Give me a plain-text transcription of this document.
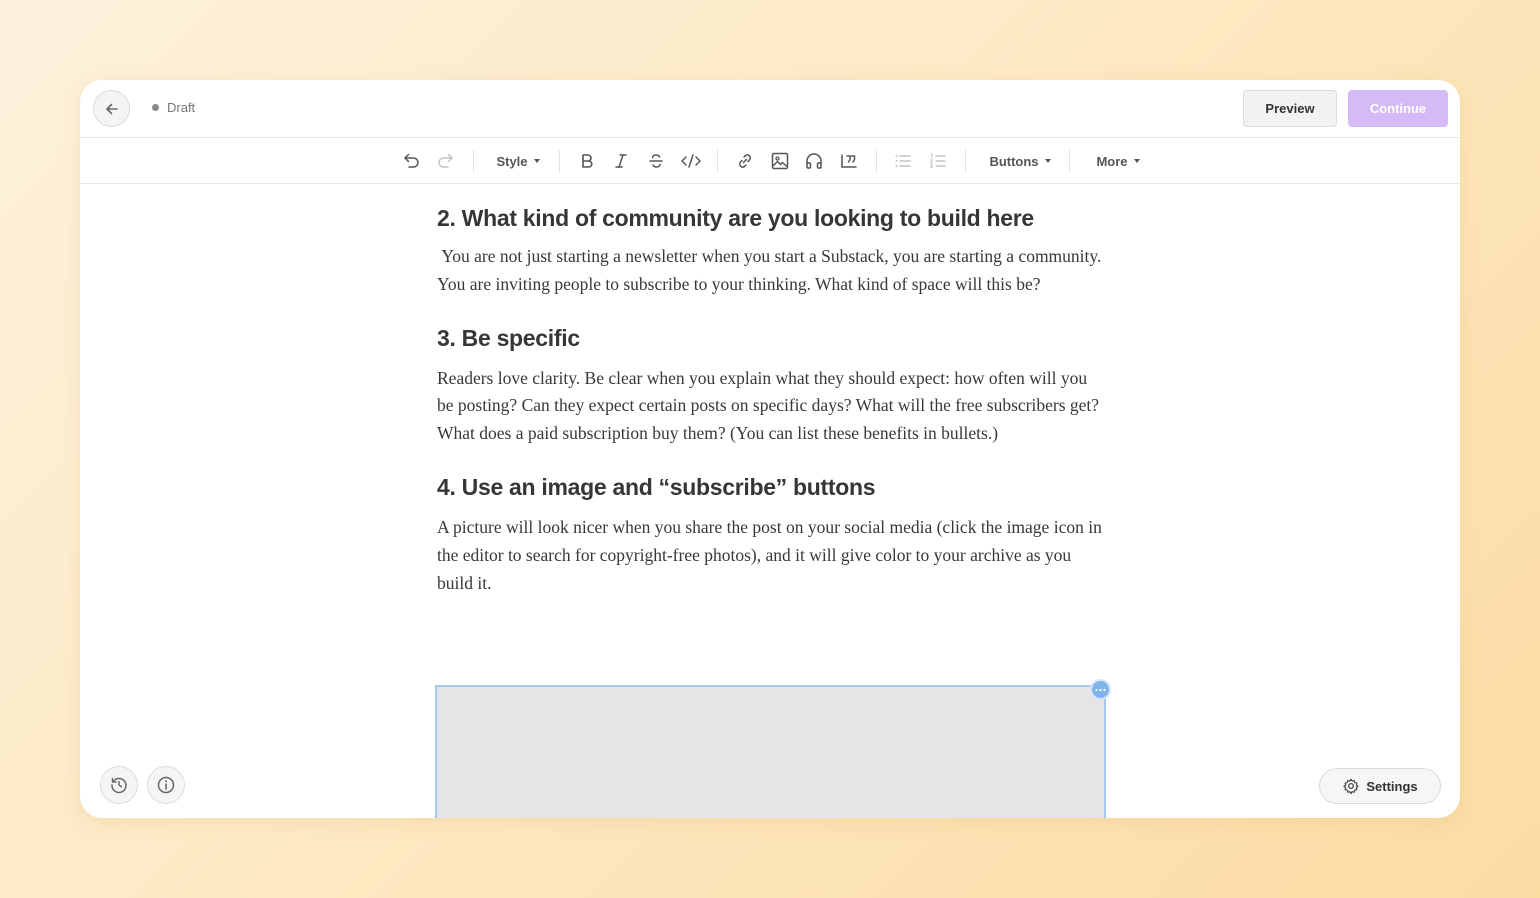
Draft	Preview	Continue
Style	Buttons	More
2. What kind of community are you looking to build here

You are not just starting a newsletter when you start a Substack, you are starting a community. You are inviting people to subscribe to your thinking. What kind of space will this be?

3. Be specific

Readers love clarity. Be clear when you explain what they should expect: how often will you be posting? Can they expect certain posts on specific days? What will the free subscribers get? What does a paid subscription buy them? (You can list these benefits in bullets.)

4. Use an image and “subscribe” buttons

A picture will look nicer when you share the post on your social media (click the image icon in the editor to search for copyright-free photos), and it will give color to your archive as you build it.

Settings
